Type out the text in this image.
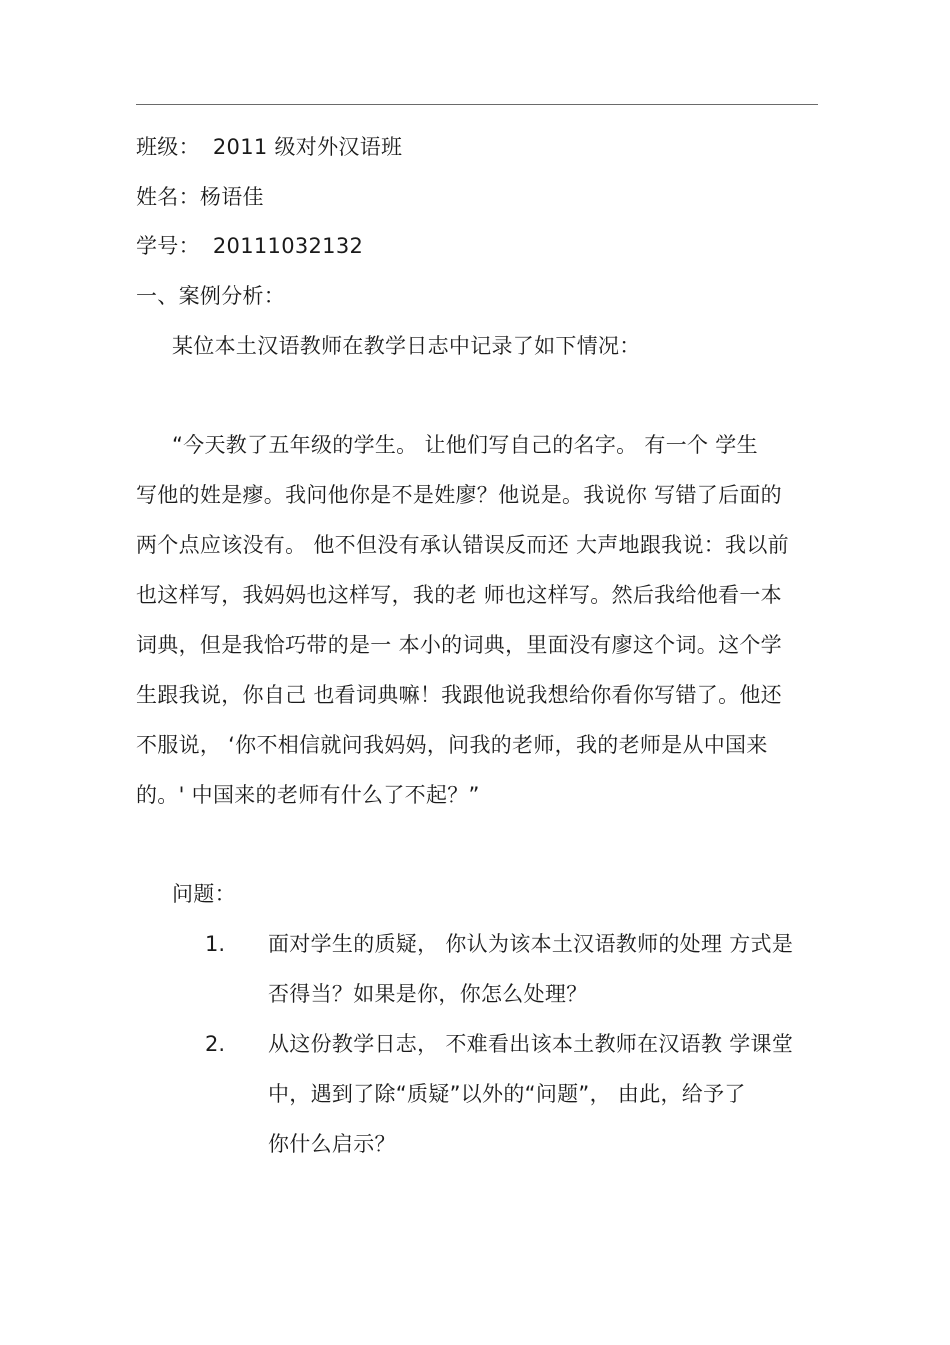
班级： 2011 级对外汉语班
姓名：杨语佳
学号： 20111032132
一、案例分析：
某位本土汉语教师在教学日志中记录了如下情况：
“今天教了五年级的学生。 让他们写自己的名字。 有一个 学生
写他的姓是瘳。我问他你是不是姓廖？他说是。我说你 写错了后面的
两个点应该没有。 他不但没有承认错误反而还 大声地跟我说：我以前
也这样写，我妈妈也这样写，我的老 师也这样写。然后我给他看一本
词典，但是我恰巧带的是一 本小的词典，里面没有廖这个词。这个学
生跟我说，你自己 也看词典嘛！我跟他说我想给你看你写错了。他还
不服说， ‘你不相信就问我妈妈，问我的老师，我的老师是从中国来
的。' 中国来的老师有什么了不起？”
问题：
1. 面对学生的质疑， 你认为该本土汉语教师的处理 方式是
否得当？如果是你，你怎么处理？
2. 从这份教学日志， 不难看出该本土教师在汉语教 学课堂
中，遇到了除“质疑”以外的“问题”， 由此，给予了
你什么启示？
